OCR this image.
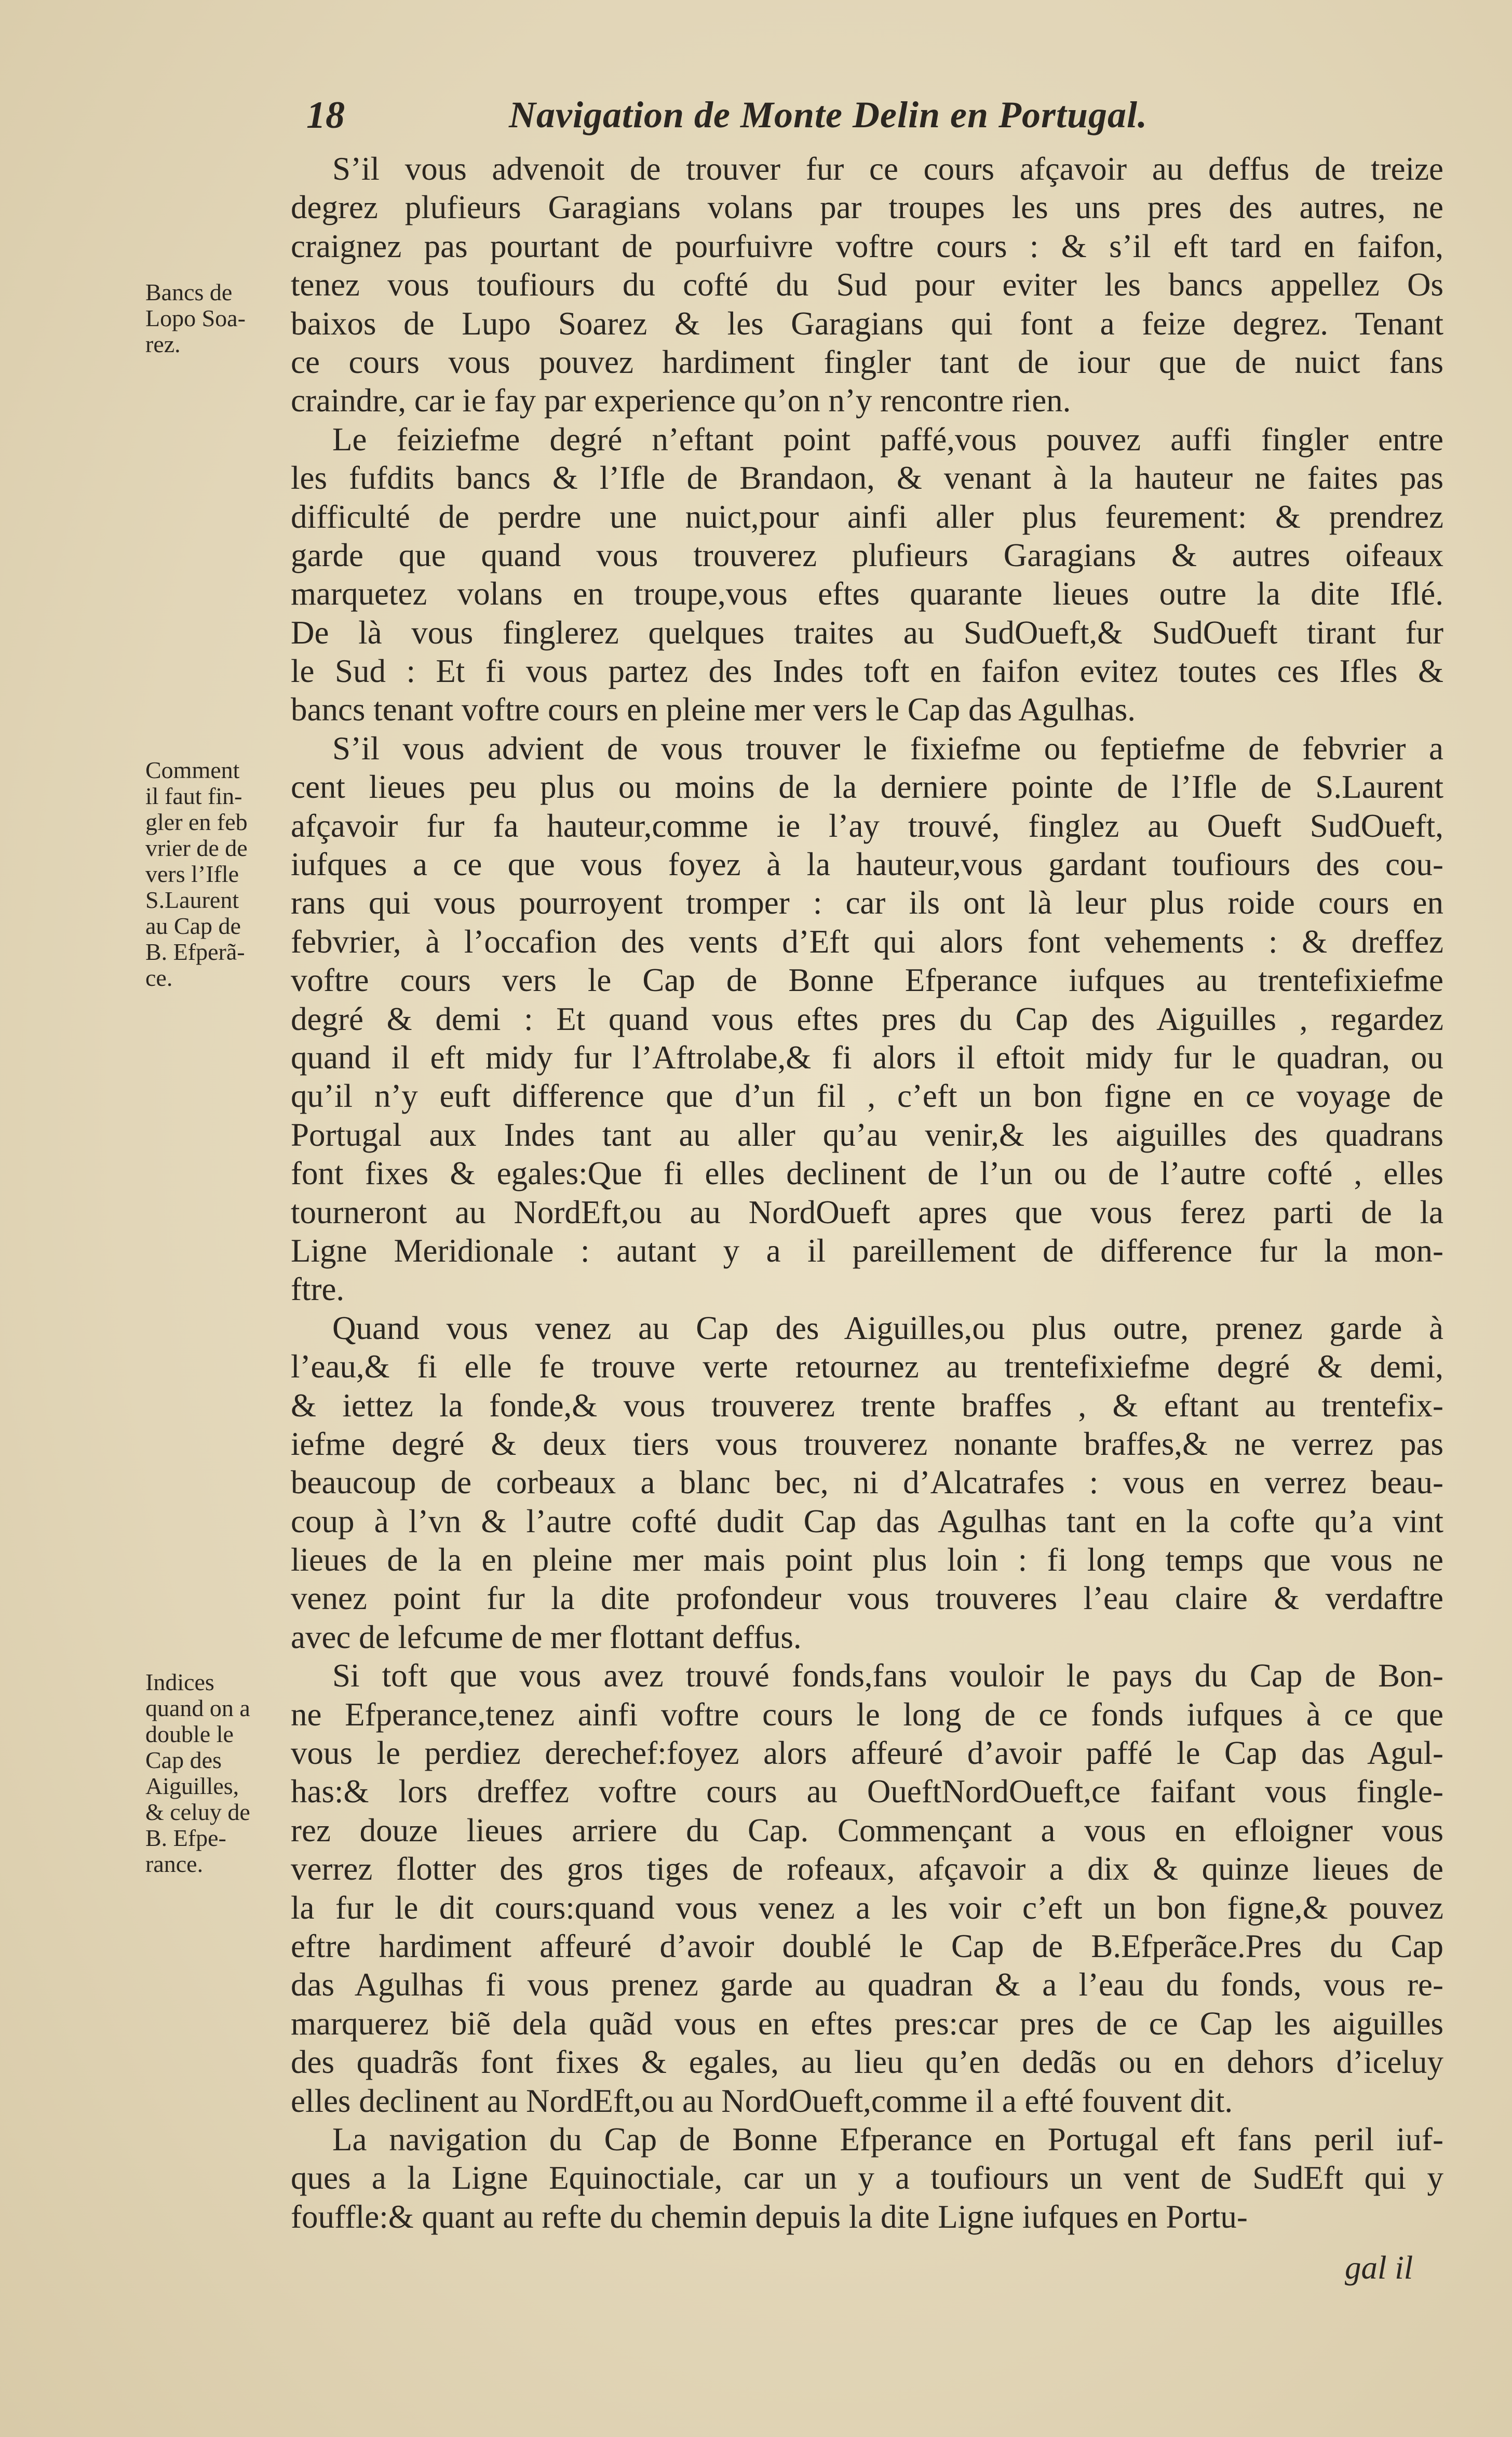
18	Navigation de Monte Delin en Portugal.
S’il vous advenoit de trouver fur ce cours afçavoir au deffus de treize
degrez plufieurs Garagians volans par troupes les uns pres des autres, ne
craignez pas pourtant de pourfuivre voftre cours : & s’il eft tard en faifon,
tenez vous toufiours du cofté du Sud pour eviter les bancs appellez Os
baixos de Lupo Soarez & les Garagians qui font a feize degrez. Tenant
ce cours vous pouvez hardiment fingler tant de iour que de nuict fans
craindre, car ie fay par experience qu’on n’y rencontre rien.
Le feiziefme degré n’eftant point paffé,vous pouvez auffi fingler entre
les fufdits bancs & l’Ifle de Brandaon, & venant à la hauteur ne faites pas
difficulté de perdre une nuict,pour ainfi aller plus feurement: & prendrez
garde que quand vous trouverez plufieurs Garagians & autres oifeaux
marquetez volans en troupe,vous eftes quarante lieues outre la dite Iflé.
De là vous finglerez quelques traites au SudOueft,& SudOueft tirant fur
le Sud : Et fi vous partez des Indes toft en faifon evitez toutes ces Ifles &
bancs tenant voftre cours en pleine mer vers le Cap das Agulhas.
S’il vous advient de vous trouver le fixiefme ou feptiefme de febvrier a
cent lieues peu plus ou moins de la derniere pointe de l’Ifle de S.Laurent
afçavoir fur fa hauteur,comme ie l’ay trouvé, finglez au Oueft SudOueft,
iufques a ce que vous foyez à la hauteur,vous gardant toufiours des cou-
rans qui vous pourroyent tromper : car ils ont là leur plus roide cours en
febvrier, à l’occafion des vents d’Eft qui alors font vehements : & dreffez
voftre cours vers le Cap de Bonne Efperance iufques au trentefixiefme
degré & demi : Et quand vous eftes pres du Cap des Aiguilles , regardez
quand il eft midy fur l’Aftrolabe,& fi alors il eftoit midy fur le quadran, ou
qu’il n’y euft difference que d’un fil , c’eft un bon figne en ce voyage de
Portugal aux Indes tant au aller qu’au venir,& les aiguilles des quadrans
font fixes & egales:Que fi elles declinent de l’un ou de l’autre cofté , elles
tourneront au NordEft,ou au NordOueft apres que vous ferez parti de la
Ligne Meridionale : autant y a il pareillement de difference fur la mon-
ftre.
Quand vous venez au Cap des Aiguilles,ou plus outre, prenez garde à
l’eau,& fi elle fe trouve verte retournez au trentefixiefme degré & demi,
& iettez la fonde,& vous trouverez trente braffes , & eftant au trentefix-
iefme degré & deux tiers vous trouverez nonante braffes,& ne verrez pas
beaucoup de corbeaux a blanc bec, ni d’Alcatrafes : vous en verrez beau-
coup à l’vn & l’autre cofté dudit Cap das Agulhas tant en la cofte qu’a vint
lieues de la en pleine mer mais point plus loin : fi long temps que vous ne
venez point fur la dite profondeur vous trouveres l’eau claire & verdaftre
avec de lefcume de mer flottant deffus.
Si toft que vous avez trouvé fonds,fans vouloir le pays du Cap de Bon-
ne Efperance,tenez ainfi voftre cours le long de ce fonds iufques à ce que
vous le perdiez derechef:foyez alors affeuré d’avoir paffé le Cap das Agul-
has:& lors dreffez voftre cours au OueftNordOueft,ce faifant vous fingle-
rez douze lieues arriere du Cap. Commençant a vous en efloigner vous
verrez flotter des gros tiges de rofeaux, afçavoir a dix & quinze lieues de
la fur le dit cours:quand vous venez a les voir c’eft un bon figne,& pouvez
eftre hardiment affeuré d’avoir doublé le Cap de B.Efperãce.Pres du Cap
das Agulhas fi vous prenez garde au quadran & a l’eau du fonds, vous re-
marquerez biẽ dela quãd vous en eftes pres:car pres de ce Cap les aiguilles
des quadrãs font fixes & egales, au lieu qu’en dedãs ou en dehors d’iceluy
elles declinent au NordEft,ou au NordOueft,comme il a efté fouvent dit.
La navigation du Cap de Bonne Efperance en Portugal eft fans peril iuf-
ques a la Ligne Equinoctiale, car un y a toufiours un vent de SudEft qui y
fouffle:& quant au refte du chemin depuis la dite Ligne iufques en Portu-
Bancs de
Lopo Soa-
rez.
Comment
il faut fin-
gler en feb
vrier de de
vers l’Ifle
S.Laurent
au Cap de
B. Efperã-
ce.
Indices
quand on a
double le
Cap des
Aiguilles,
& celuy de
B. Efpe-
rance.
gal il
